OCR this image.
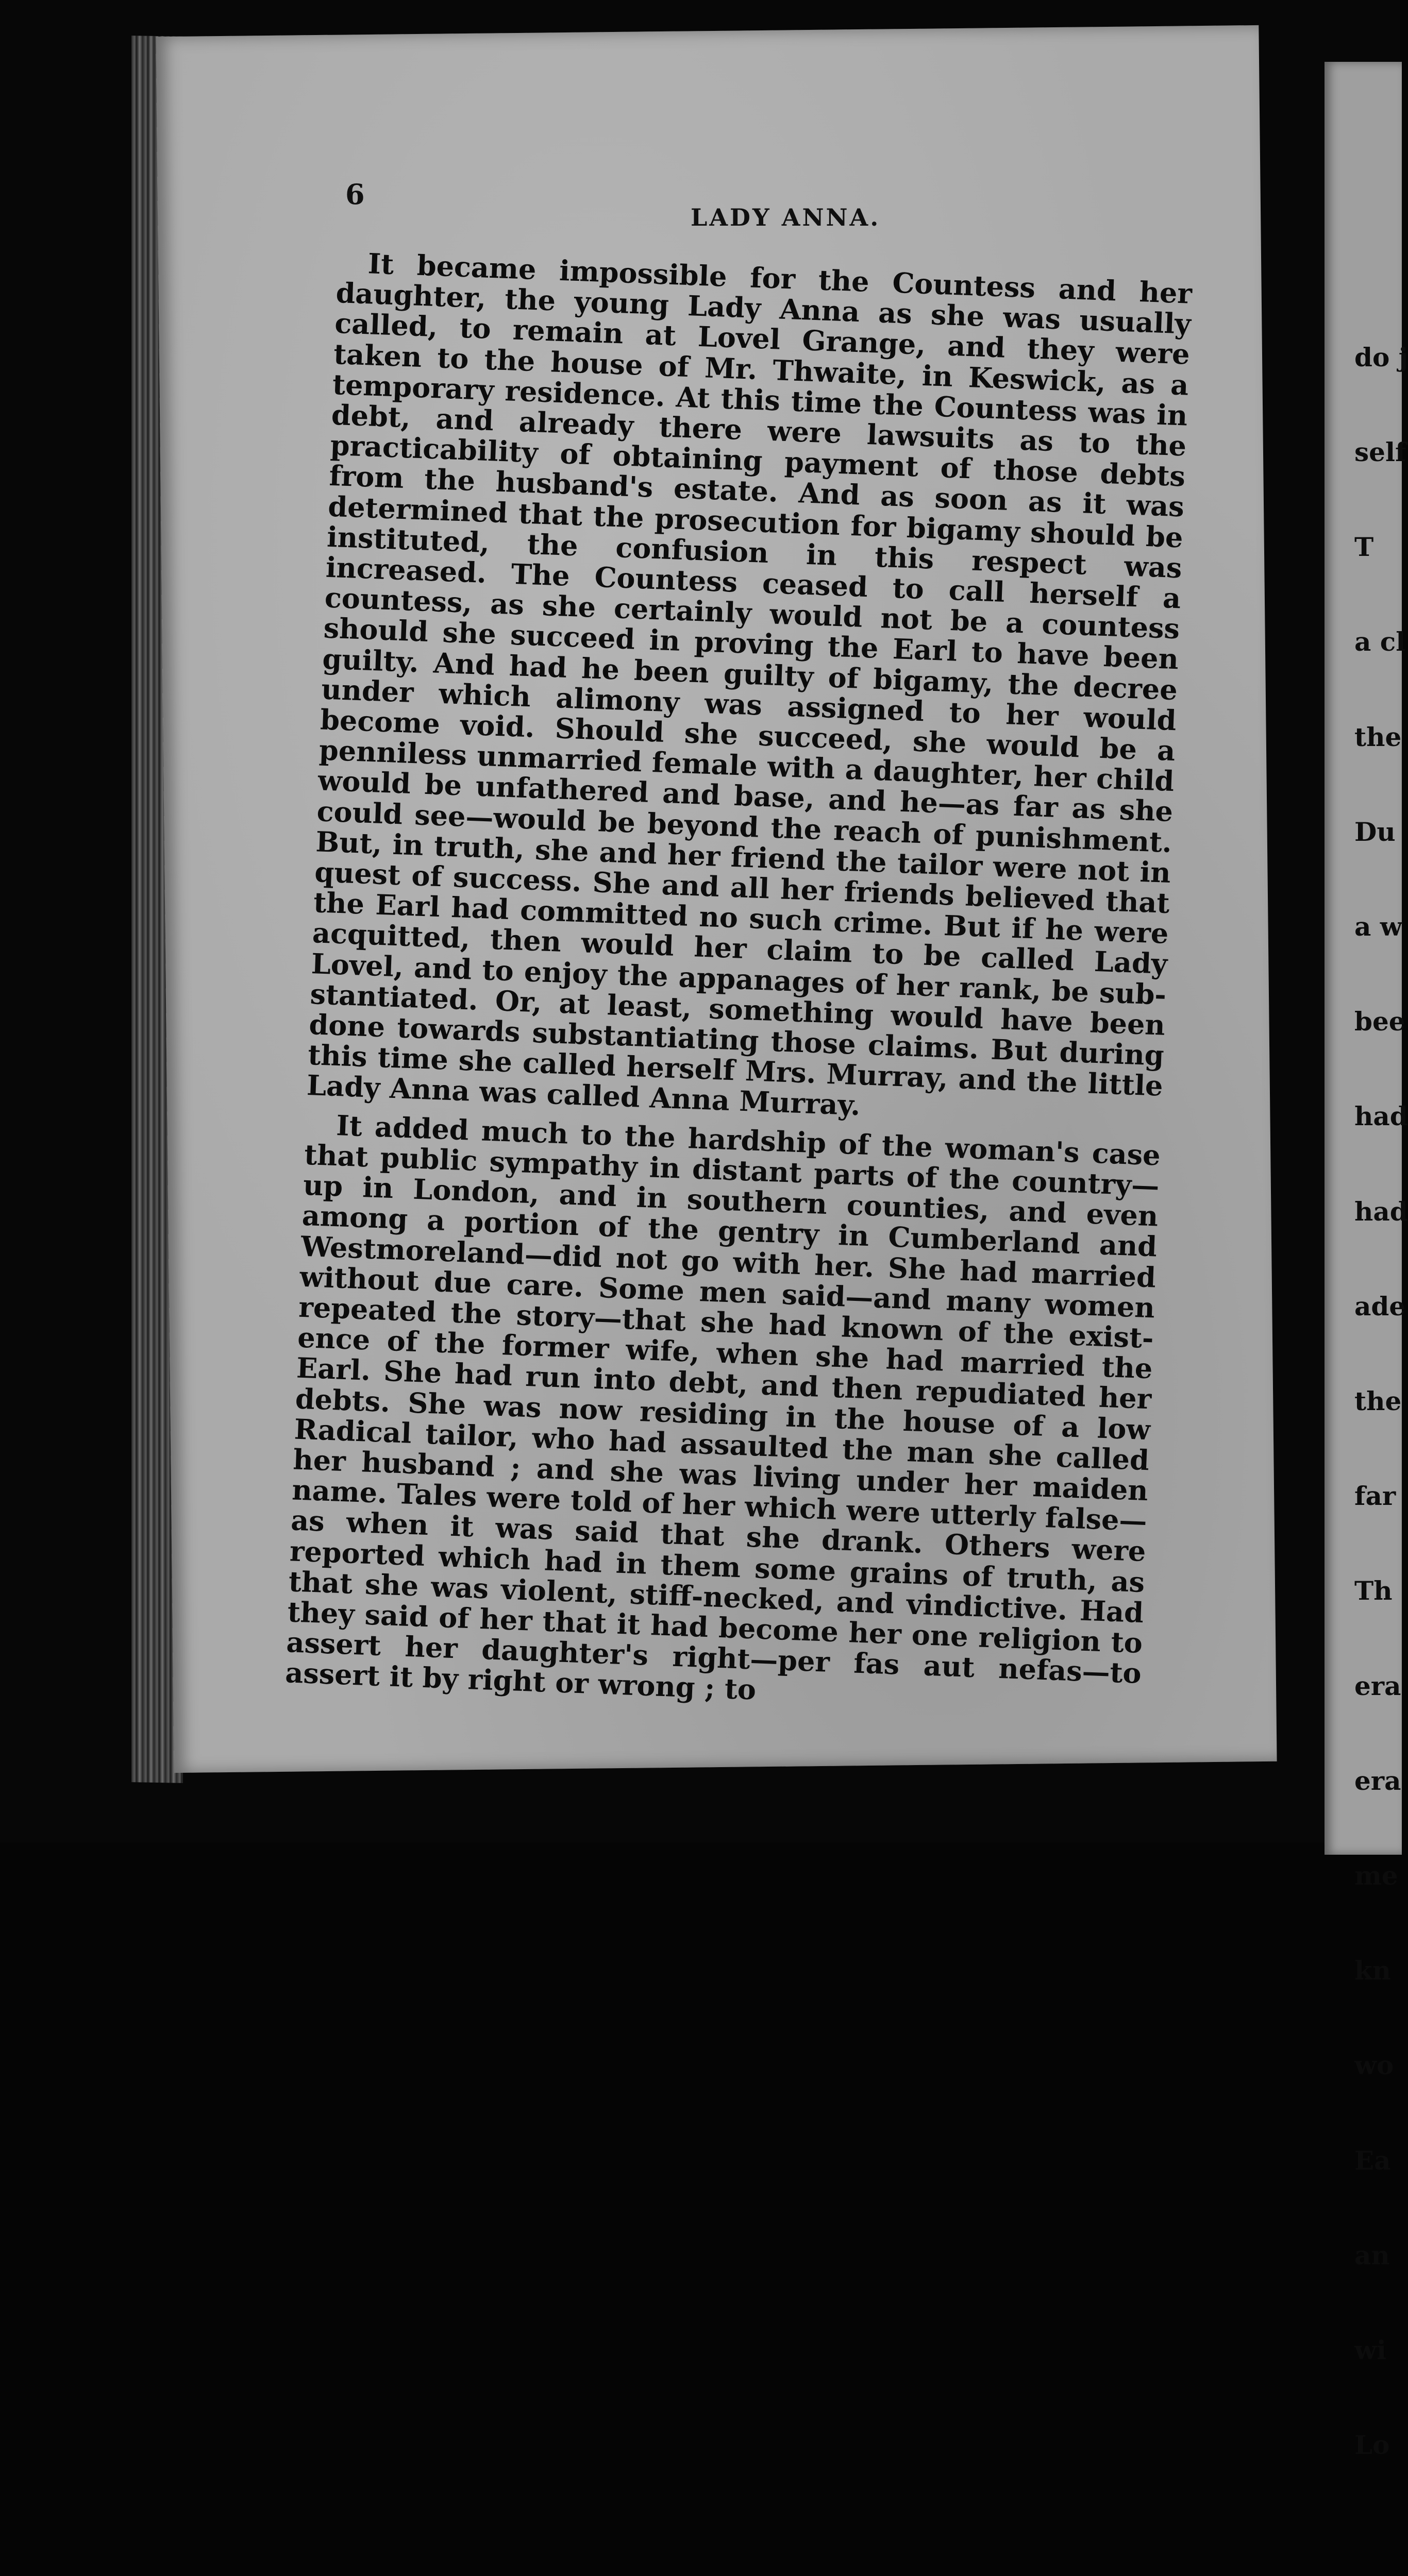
6
LADY ANNA.

It became impossible for the Countess and her daughter, the young Lady Anna as she was usually called, to remain at Lovel Grange, and they were taken to the house of Mr. Thwaite, in Keswick, as a temporary residence. At this time the Countess was in debt, and already there were lawsuits as to the practicability of obtaining payment of those debts from the husband's estate. And as soon as it was determined that the prosecution for bigamy should be instituted, the confusion in this respect was increased. The Countess ceased to call herself a countess, as she certainly would not be a countess should she succeed in proving the Earl to have been guilty. And had he been guilty of bigamy, the decree under which alimony was assigned to her would become void. Should she succeed, she would be a penniless unmarried female with a daughter, her child would be unfathered and base, and he—as far as she could see—would be beyond the reach of punishment. But, in truth, she and her friend the tailor were not in quest of success. She and all her friends believed that the Earl had committed no such crime. But if he were acquitted, then would her claim to be called Lady Lovel, and to enjoy the appanages of her rank, be substantiated. Or, at least, something would have been done towards substantiating those claims. But during this time she called herself Mrs. Murray, and the little Lady Anna was called Anna Murray.

It added much to the hardship of the woman's case that public sympathy in distant parts of the country—up in London, and in southern counties, and even among a portion of the gentry in Cumberland and Westmoreland—did not go with her. She had married without due care. Some men said—and many women repeated the story—that she had known of the existence of the former wife, when she had married the Earl. She had run into debt, and then repudiated her debts. She was now residing in the house of a low Radical tailor, who had assaulted the man she called her husband ; and she was living under her maiden name. Tales were told of her which were utterly false—as when it was said that she drank. Others were reported which had in them some grains of truth, as that she was violent, stiff-necked, and vindictive. Had they said of her that it had become her one religion to assert her daughter's right—per fas aut nefas—to assert it by right or wrong ; to

do j

self

T

a cl

the

Du

a w

bee

had

had

ade

the

far

Th

era

era

me

kn

wo

Ea

an

wi

Lo
